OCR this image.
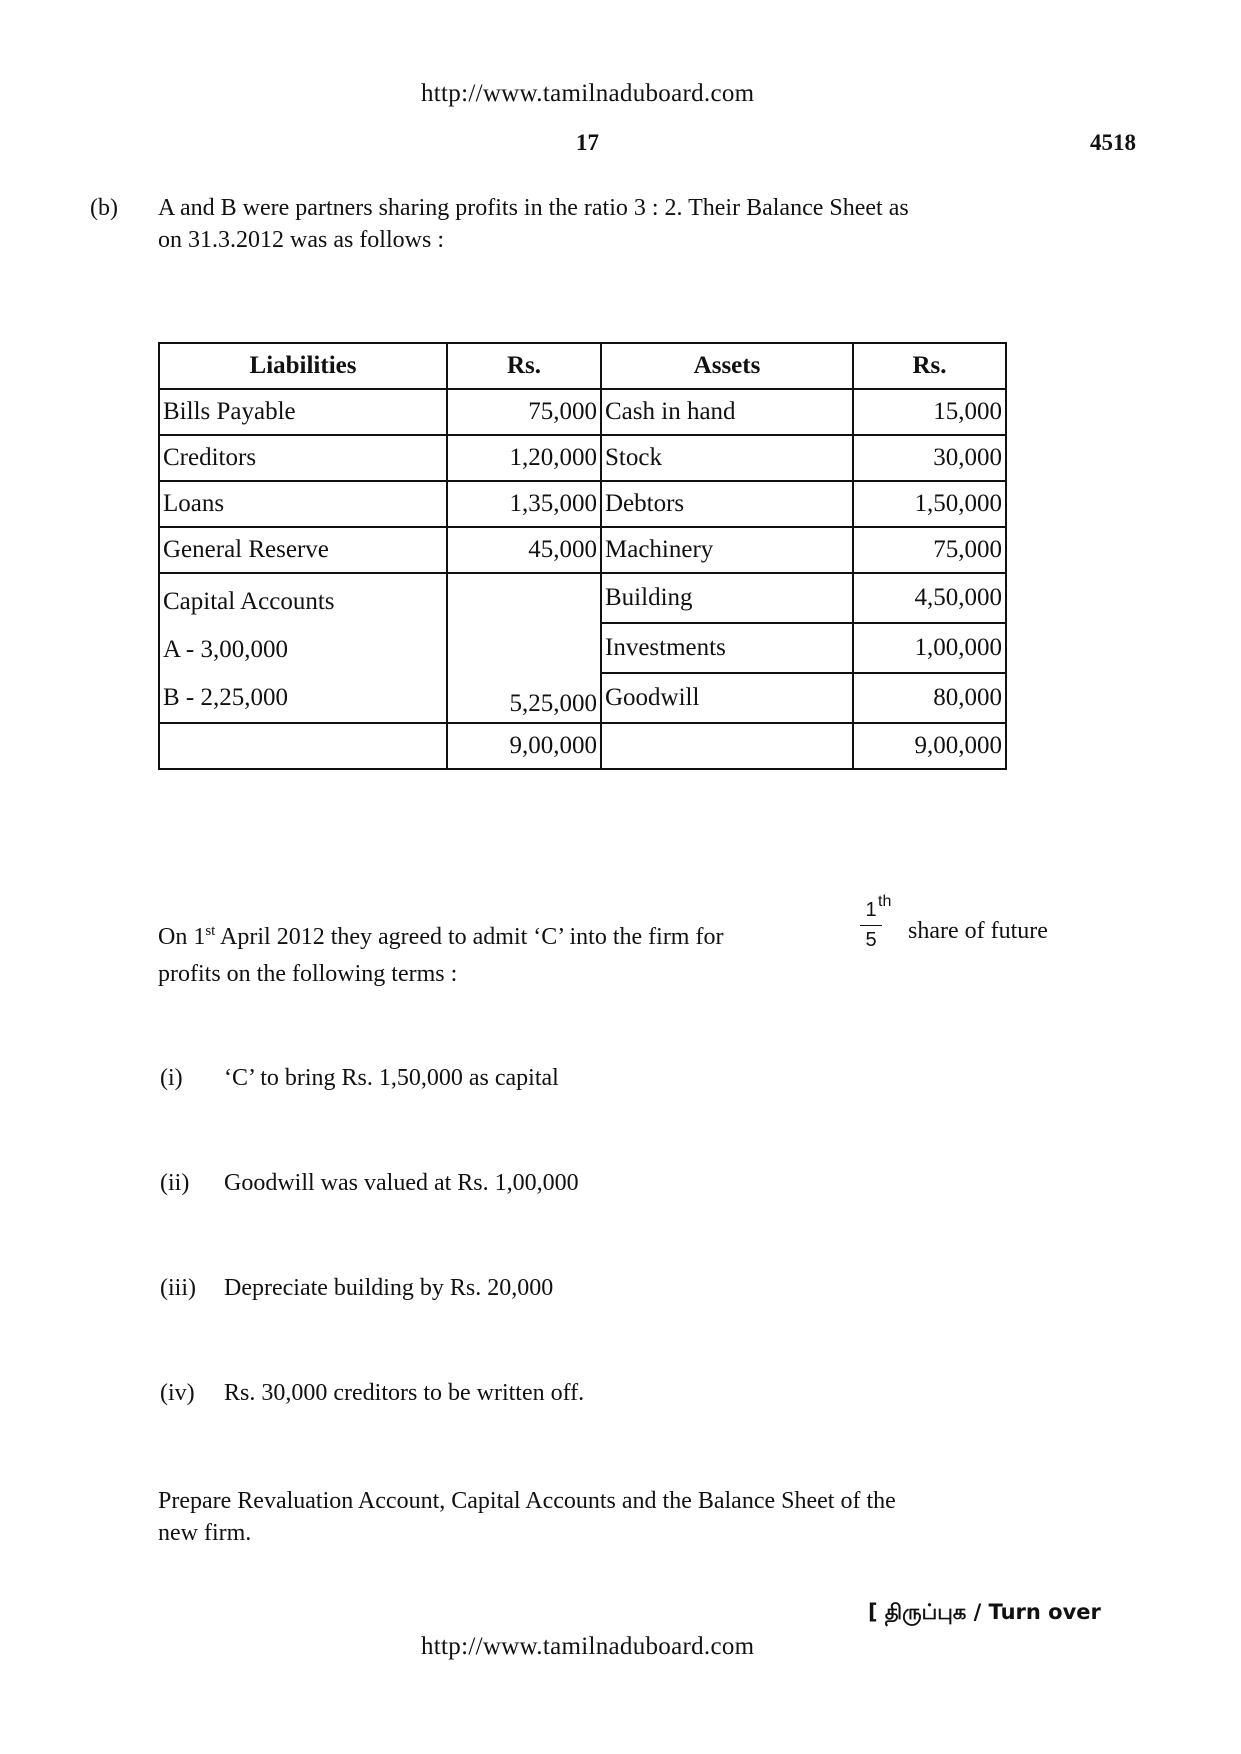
http://www.tamilnaduboard.com
17	4518
(b) A and B were partners sharing profits in the ratio 3 : 2. Their Balance Sheet as
on 31.3.2012 was as follows :
Liabilities	Rs.	Assets	Rs.
Bills Payable	75,000	Cash in hand	15,000
Creditors	1,20,000	Stock	30,000
Loans	1,35,000	Debtors	1,50,000
General Reserve	45,000	Machinery	75,000

Capital Accounts
A - 3,00,000
B - 2,25,000	5,25,000	Building	4,50,000
		Investments	1,00,000
		Goodwill	80,000
	9,00,000		9,00,000
On 1st April 2012 they agreed to admit ‘C’ into the firm for
1
5
th
share of future
profits on the following terms :
(i) ‘C’ to bring Rs. 1,50,000 as capital
(ii) Goodwill was valued at Rs. 1,00,000
(iii) Depreciate building by Rs. 20,000
(iv) Rs. 30,000 creditors to be written off.
Prepare Revaluation Account, Capital Accounts and the Balance Sheet of the
new firm.
[ திருப்புக / Turn over
http://www.tamilnaduboard.com
